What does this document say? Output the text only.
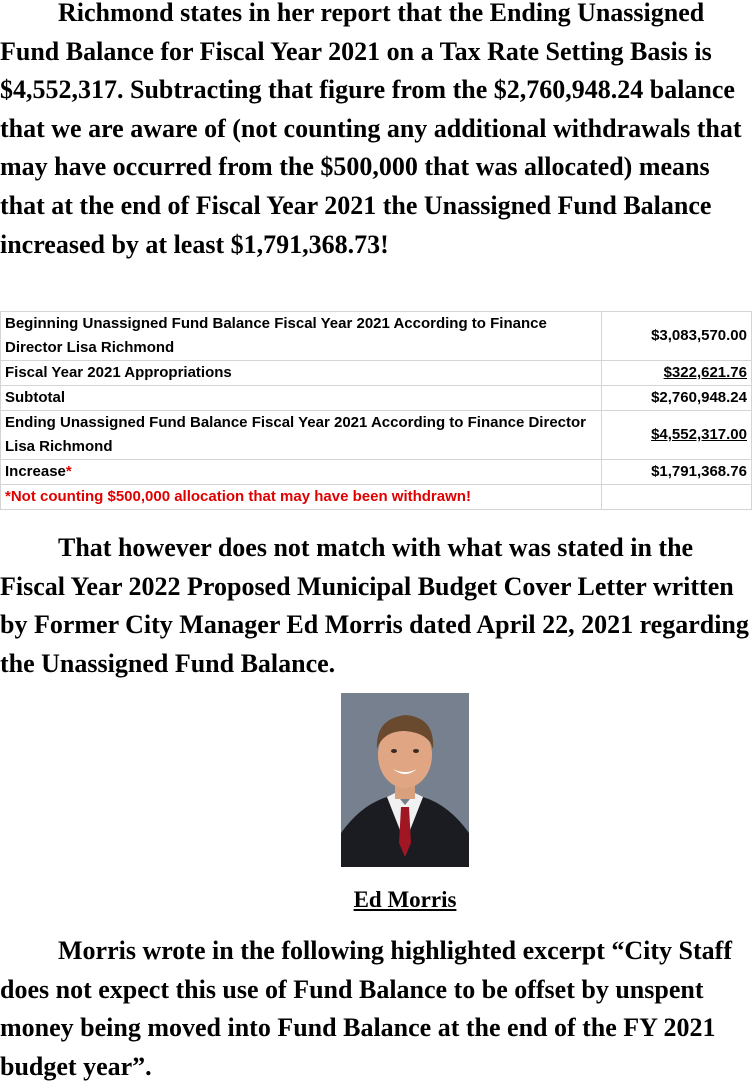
Richmond states in her report that the Ending Unassigned Fund Balance for Fiscal Year 2021 on a Tax Rate Setting Basis is $4,552,317. Subtracting that figure from the $2,760,948.24 balance that we are aware of (not counting any additional withdrawals that may have occurred from the $500,000 that was allocated) means that at the end of Fiscal Year 2021 the Unassigned Fund Balance increased by at least $1,791,368.73!

Beginning Unassigned Fund Balance Fiscal Year 2021 According to Finance Director Lisa Richmond	$3,083,570.00
Fiscal Year 2021 Appropriations	$322,621.76
Subtotal	$2,760,948.24
Ending Unassigned Fund Balance Fiscal Year 2021 According to Finance Director Lisa Richmond	$4,552,317.00
Increase*	$1,791,368.76
*Not counting $500,000 allocation that may have been withdrawn!	

That however does not match with what was stated in the Fiscal Year 2022 Proposed Municipal Budget Cover Letter written by Former City Manager Ed Morris dated April 22, 2021 regarding the Unassigned Fund Balance.

Ed Morris

Morris wrote in the following highlighted excerpt “City Staff does not expect this use of Fund Balance to be offset by unspent money being moved into Fund Balance at the end of the FY 2021 budget year”.
